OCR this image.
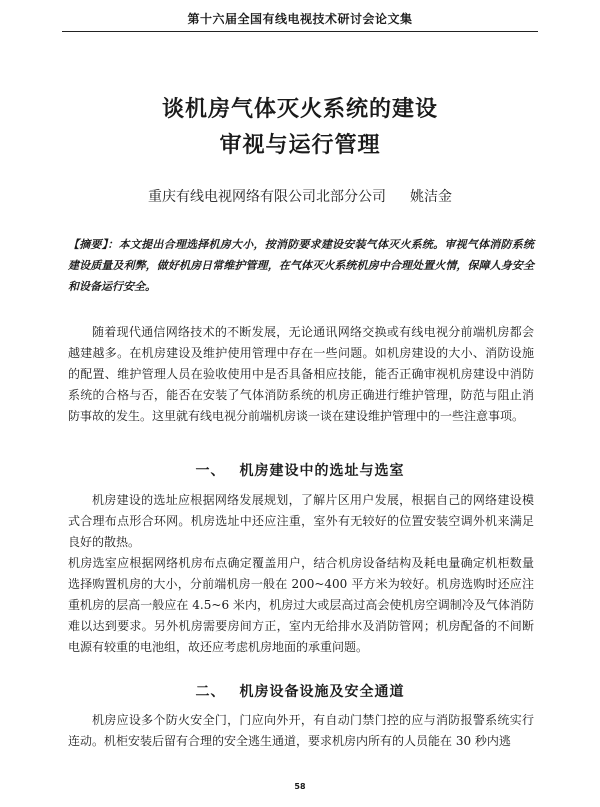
第十六届全国有线电视技术研讨会论文集
谈机房气体灭火系统的建设
审视与运行管理
重庆有线电视网络有限公司北部分公司 姚洁金
【摘要】：本文提出合理选择机房大小，按消防要求建设安装气体灭火系统。审视气体消防系统建设质量及利弊，做好机房日常维护管理，在气体灭火系统机房中合理处置火情，保障人身安全和设备运行安全。
随着现代通信网络技术的不断发展，无论通讯网络交换或有线电视分前端机房都会越建越多。在机房建设及维护使用管理中存在一些问题。如机房建设的大小、消防设施的配置、维护管理人员在验收使用中是否具备相应技能，能否正确审视机房建设中消防系统的合格与否，能否在安装了气体消防系统的机房正确进行维护管理，防范与阻止消防事故的发生。这里就有线电视分前端机房谈一谈在建设维护管理中的一些注意事项。
一、 机房建设中的选址与选室
机房建设的选址应根据网络发展规划，了解片区用户发展，根据自己的网络建设模式合理布点形合环网。机房选址中还应注重，室外有无较好的位置安装空调外机来满足良好的散热。
机房选室应根据网络机房布点确定覆盖用户，结合机房设备结构及耗电量确定机柜数量选择购置机房的大小，分前端机房一般在 200~400 平方米为较好。机房选购时还应注重机房的层高一般应在 4.5~6 米内，机房过大或层高过高会使机房空调制冷及气体消防难以达到要求。另外机房需要房间方正，室内无给排水及消防管网；机房配备的不间断电源有较重的电池组，故还应考虑机房地面的承重问题。
二、 机房设备设施及安全通道
机房应设多个防火安全门，门应向外开，有自动门禁门控的应与消防报警系统实行连动。机柜安装后留有合理的安全逃生通道，要求机房内所有的人员能在 30 秒内逃
58
